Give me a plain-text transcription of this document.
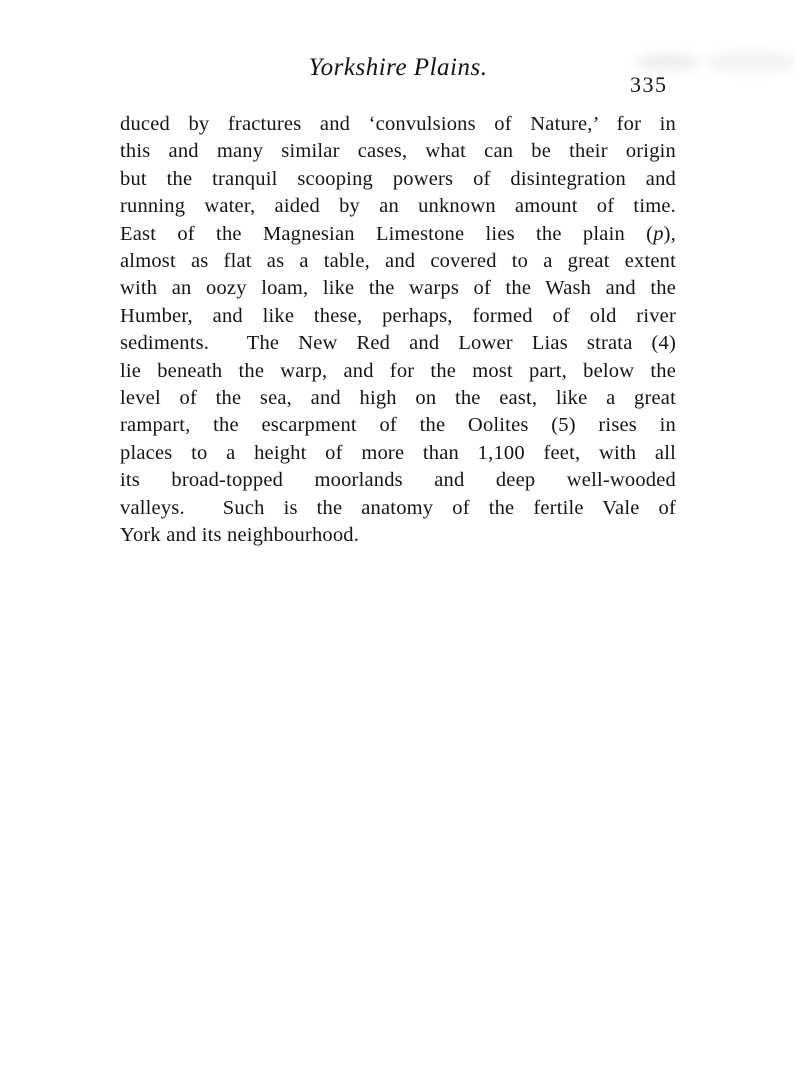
Yorkshire Plains.
335
duced by fractures and ‘convulsions of Nature,’ for in
this and many similar cases, what can be their origin
but the tranquil scooping powers of disintegration and
running water, aided by an unknown amount of time.
East of the Magnesian Limestone lies the plain (p),
almost as flat as a table, and covered to a great extent
with an oozy loam, like the warps of the Wash and the
Humber, and like these, perhaps, formed of old river
sediments.  The New Red and Lower Lias strata (4)
lie beneath the warp, and for the most part, below the
level of the sea, and high on the east, like a great
rampart, the escarpment of the Oolites (5) rises in
places to a height of more than 1,100 feet, with all
its broad-topped moorlands and deep well-wooded
valleys.  Such is the anatomy of the fertile Vale of
York and its neighbourhood.
